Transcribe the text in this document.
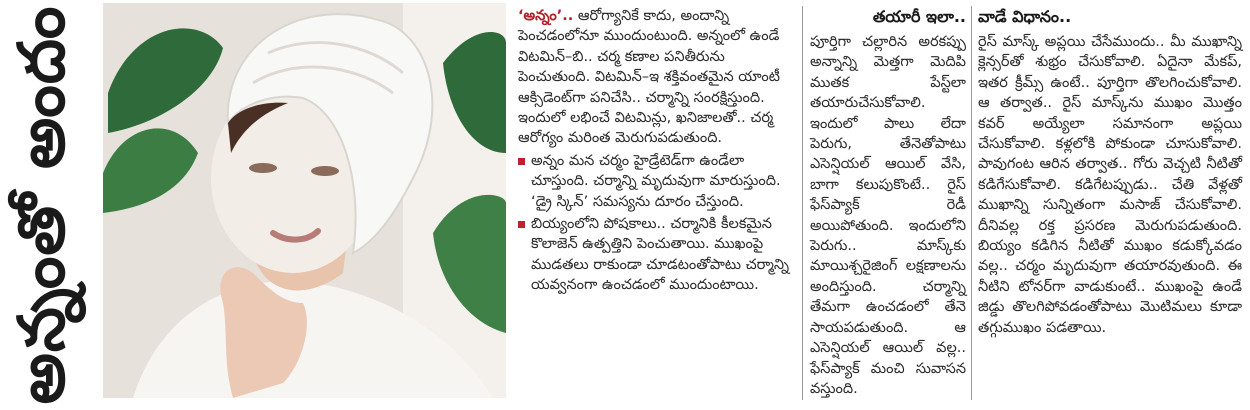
అన్నంతో అందం	‘అన్నం’.. ఆరోగ్యానికే కాదు, అందాన్ని పెంచడంలోనూ ముందుంటుంది. అన్నంలో ఉండే విటమిన్–బి.. చర్మ కణాల పనితీరును పెంచుతుంది. విటమిన్–ఇ శక్తివంతమైన యాంటీ ఆక్సిడెంట్‌గా పనిచేసి.. చర్మాన్ని సంరక్షిస్తుంది. ఇందులో లభించే విటమిన్లు, ఖనిజాలతో.. చర్మ ఆరోగ్యం మరింత మెరుగుపడుతుంది.

అన్నం మన చర్మం హైడ్రేటెడ్‌గా ఉండేలా చూస్తుంది. చర్మాన్ని మృదువుగా మారుస్తుంది. ‘డ్రై స్కిన్’ సమస్యను దూరం చేస్తుంది.
బియ్యంలోని పోషకాలు.. చర్మానికి కీలకమైన కొలాజెన్ ఉత్పత్తిని పెంచుతాయి. ముఖంపై ముడతలు రాకుండా చూడటంతోపాటు చర్మాన్ని యవ్వనంగా ఉంచడంలో ముందుంటాయి.
తయారీ ఇలా..

పూర్తిగా చల్లారిన అరకప్పు అన్నాన్ని మెత్తగా మెదిపి ముతక పేస్ట్‌లా తయారుచేసుకోవాలి. ఇందులో పాలు లేదా పెరుగు, తేనెతోపాటు ఎసెన్షియల్ ఆయిల్ వేసి, బాగా కలుపుకొంటే.. రైస్ ఫేస్‌ప్యాక్ రెడీ అయిపోతుంది. ఇందులోని పెరుగు.. మాస్క్‌కు మాయిశ్చరైజింగ్ లక్షణాలను అందిస్తుంది. చర్మాన్ని తేమగా ఉంచడంలో తేనె సాయపడుతుంది. ఆ ఎసెన్షియల్ ఆయిల్ వల్ల.. ఫేస్‌ప్యాక్ మంచి సువాసన వస్తుంది.

వాడే విధానం..

రైస్ మాస్క్ అప్లయి చేసేముందు.. మీ ముఖాన్ని క్లెన్సర్‌తో శుభ్రం చేసుకోవాలి. ఏదైనా మేకప్, ఇతర క్రీమ్స్ ఉంటే.. పూర్తిగా తొలగించుకోవాలి. ఆ తర్వాత.. రైస్ మాస్క్‌ను ముఖం మొత్తం కవర్ అయ్యేలా సమానంగా అప్లయి చేసుకోవాలి. కళ్లలోకి పోకుండా చూసుకోవాలి. పావుగంట ఆరిన తర్వాత.. గోరు వెచ్చటి నీటితో కడిగేసుకోవాలి. కడిగేటప్పుడు.. చేతి వేళ్లతో ముఖాన్ని సున్నితంగా మసాజ్ చేసుకోవాలి. దీనివల్ల రక్త ప్రసరణ మెరుగుపడుతుంది. బియ్యం కడిగిన నీటితో ముఖం కడుక్కోవడం వల్ల.. చర్మం మృదువుగా తయారవుతుంది. ఈ నీటిని టోనర్‌గా వాడుకుంటే.. ముఖంపై ఉండే జిడ్డు తొలగిపోవడంతోపాటు మొటిమలు కూడా తగ్గుముఖం పడతాయి.
